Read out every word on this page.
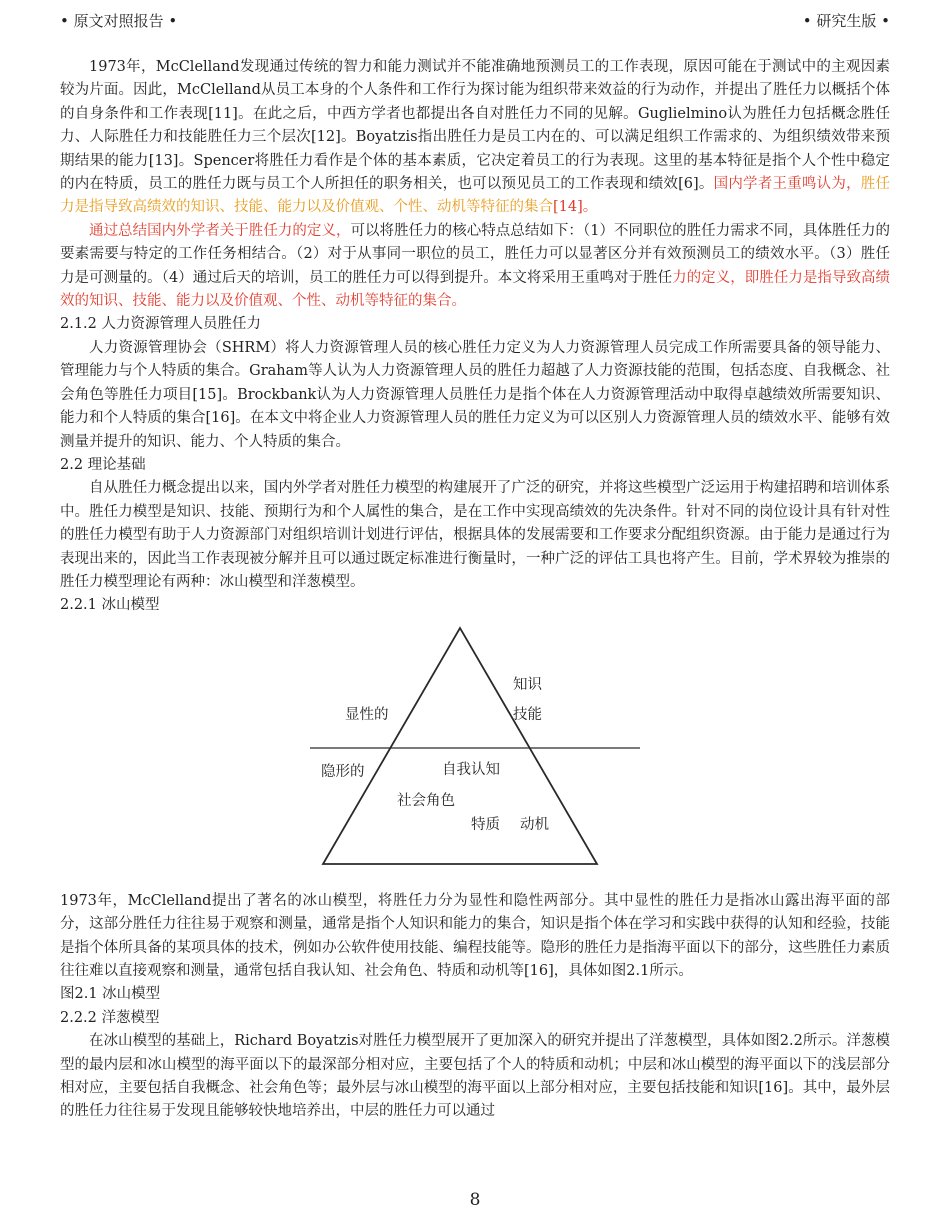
• 原文对照报告 •	• 研究生版 •

1973年，McClelland发现通过传统的智力和能力测试并不能准确地预测员工的工作表现，原因可能在于测试中的主观因素较为片面。因此，McClelland从员工本身的个人条件和工作行为探讨能为组织带来效益的行为动作，并提出了胜任力以概括个体的自身条件和工作表现[11]。在此之后，中西方学者也都提出各自对胜任力不同的见解。Guglielmino认为胜任力包括概念胜任力、人际胜任力和技能胜任力三个层次[12]。Boyatzis指出胜任力是员工内在的、可以满足组织工作需求的、为组织绩效带来预期结果的能力[13]。Spencer将胜任力看作是个体的基本素质，它决定着员工的行为表现。这里的基本特征是指个人个性中稳定的内在特质，员工的胜任力既与员工个人所担任的职务相关，也可以预见员工的工作表现和绩效[6]。国内学者王重鸣认为，胜任力是指导致高绩效的知识、技能、能力以及价值观、个性、动机等特征的集合[14]。

通过总结国内外学者关于胜任力的定义，可以将胜任力的核心特点总结如下：（1）不同职位的胜任力需求不同，具体胜任力的要素需要与特定的工作任务相结合。（2）对于从事同一职位的员工，胜任力可以显著区分并有效预测员工的绩效水平。（3）胜任力是可测量的。（4）通过后天的培训，员工的胜任力可以得到提升。本文将采用王重鸣对于胜任力的定义，即胜任力是指导致高绩效的知识、技能、能力以及价值观、个性、动机等特征的集合。

2.1.2 人力资源管理人员胜任力

人力资源管理协会（SHRM）将人力资源管理人员的核心胜任力定义为人力资源管理人员完成工作所需要具备的领导能力、管理能力与个人特质的集合。Graham等人认为人力资源管理人员的胜任力超越了人力资源技能的范围，包括态度、自我概念、社会角色等胜任力项目[15]。Brockbank认为人力资源管理人员胜任力是指个体在人力资源管理活动中取得卓越绩效所需要知识、能力和个人特质的集合[16]。在本文中将企业人力资源管理人员的胜任力定义为可以区别人力资源管理人员的绩效水平、能够有效测量并提升的知识、能力、个人特质的集合。

2.2 理论基础

自从胜任力概念提出以来，国内外学者对胜任力模型的构建展开了广泛的研究，并将这些模型广泛运用于构建招聘和培训体系中。胜任力模型是知识、技能、预期行为和个人属性的集合，是在工作中实现高绩效的先决条件。针对不同的岗位设计具有针对性的胜任力模型有助于人力资源部门对组织培训计划进行评估，根据具体的发展需要和工作要求分配组织资源。由于能力是通过行为表现出来的，因此当工作表现被分解并且可以通过既定标准进行衡量时，一种广泛的评估工具也将产生。目前，学术界较为推崇的胜任力模型理论有两种：冰山模型和洋葱模型。

2.2.1 冰山模型

知识
显性的	技能
隐形的	自我认知
社会角色
特质 动机

1973年，McClelland提出了著名的冰山模型，将胜任力分为显性和隐性两部分。其中显性的胜任力是指冰山露出海平面的部分，这部分胜任力往往易于观察和测量，通常是指个人知识和能力的集合，知识是指个体在学习和实践中获得的认知和经验，技能是指个体所具备的某项具体的技术，例如办公软件使用技能、编程技能等。隐形的胜任力是指海平面以下的部分，这些胜任力素质往往难以直接观察和测量，通常包括自我认知、社会角色、特质和动机等[16]，具体如图2.1所示。

图2.1 冰山模型

2.2.2 洋葱模型

在冰山模型的基础上，Richard Boyatzis对胜任力模型展开了更加深入的研究并提出了洋葱模型，具体如图2.2所示。洋葱模型的最内层和冰山模型的海平面以下的最深部分相对应，主要包括了个人的特质和动机；中层和冰山模型的海平面以下的浅层部分相对应，主要包括自我概念、社会角色等；最外层与冰山模型的海平面以上部分相对应，主要包括技能和知识[16]。其中，最外层的胜任力往往易于发现且能够较快地培养出，中层的胜任力可以通过

8
